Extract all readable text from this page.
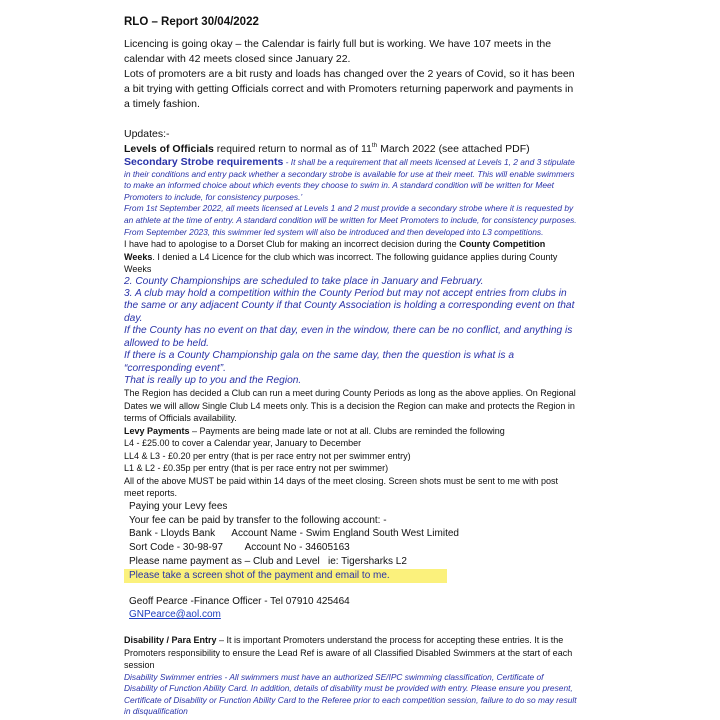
RLO – Report 30/04/2022

Licencing is going okay – the Calendar is fairly full but is working. We have 107 meets in the calendar with 42 meets closed since January 22.

Lots of promoters are a bit rusty and loads has changed over the 2 years of Covid, so it has been a bit trying with getting Officials correct and with Promoters returning paperwork and payments in a timely fashion.

Updates:-

Levels of Officials required return to normal as of 11th March 2022 (see attached PDF)

Secondary Strobe requirements - It shall be a requirement that all meets licensed at Levels 1, 2 and 3 stipulate in their conditions and entry pack whether a secondary strobe is available for use at their meet. This will enable swimmers to make an informed choice about which events they choose to swim in. A standard condition will be written for Meet Promoters to include, for consistency purposes.’

From 1st September 2022, all meets licensed at Levels 1 and 2 must provide a secondary strobe where it is requested by an athlete at the time of entry. A standard condition will be written for Meet Promoters to include, for consistency purposes. From September 2023, this swimmer led system will also be introduced and then developed into L3 competitions.

I have had to apologise to a Dorset Club for making an incorrect decision during the County Competition Weeks. I denied a L4 Licence for the club which was incorrect. The following guidance applies during County Weeks

2. County Championships are scheduled to take place in January and February.

3. A club may hold a competition within the County Period but may not accept entries from clubs in the same or any adjacent County if that County Association is holding a corresponding event on that day.

If the County has no event on that day, even in the window, there can be no conflict, and anything is allowed to be held.

If there is a County Championship gala on the same day, then the question is what is a “corresponding event”.

That is really up to you and the Region.

The Region has decided a Club can run a meet during County Periods as long as the above applies. On Regional Dates we will allow Single Club L4 meets only. This is a decision the Region can make and protects the Region in terms of Officials availability.

Levy Payments – Payments are being made late or not at all. Clubs are reminded the following

L4 - £25.00 to cover a Calendar year, January to December

LL4 & L3 - £0.20 per entry (that is per race entry not per swimmer entry)

L1 & L2 - £0.35p per entry (that is per race entry not per swimmer)

All of the above MUST be paid within 14 days of the meet closing. Screen shots must be sent to me with post meet reports.

Paying your Levy fees

Your fee can be paid by transfer to the following account: -

Bank - Lloyds Bank      Account Name - Swim England South West Limited

Sort Code - 30-98-97        Account No - 34605163

Please name payment as – Club and Level   ie: Tigersharks L2

Please take a screen shot of the payment and email to me.

Geoff Pearce -Finance Officer - Tel 07910 425464

GNPearce@aol.com

Disability / Para Entry – It is important Promoters understand the process for accepting these entries. It is the Promoters responsibility to ensure the Lead Ref is aware of all Classified Disabled Swimmers at the start of each session

Disability Swimmer entries - All swimmers must have an authorized SE/IPC swimming classification, Certificate of Disability of Function Ability Card. In addition, details of disability must be provided with entry. Please ensure you present, Certificate of Disability or Function Ability Card to the Referee prior to each competition session, failure to do so may result in disqualification
